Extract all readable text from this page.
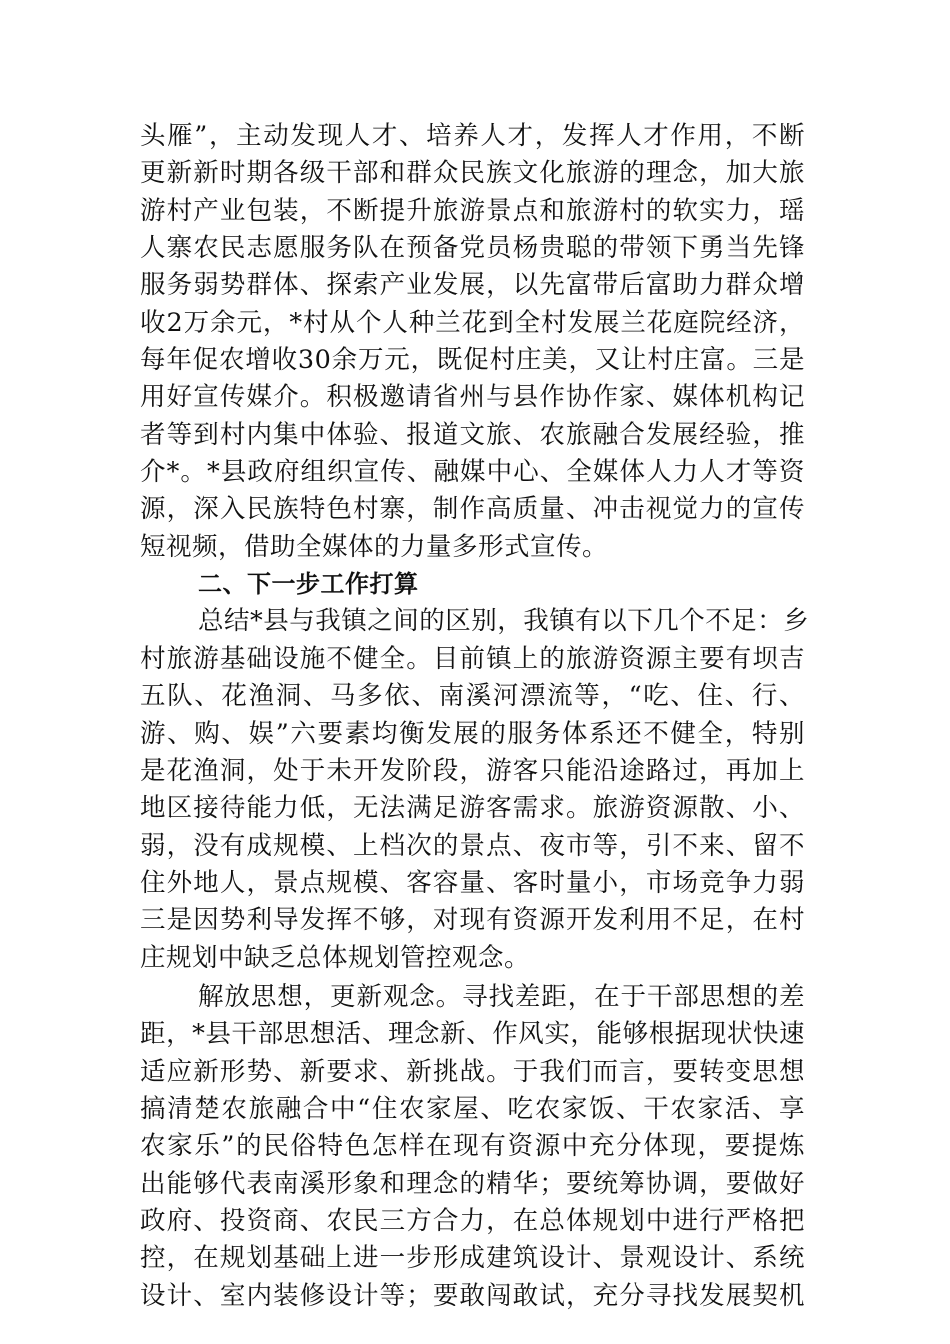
头雁”，主动发现人才、培养人才，发挥人才作用，不断
更新新时期各级干部和群众民族文化旅游的理念，加大旅
游村产业包装，不断提升旅游景点和旅游村的软实力，瑶
人寨农民志愿服务队在预备党员杨贵聪的带领下勇当先锋
服务弱势群体、探索产业发展，以先富带后富助力群众增
收2万余元，*村从个人种兰花到全村发展兰花庭院经济，
每年促农增收30余万元，既促村庄美，又让村庄富。三是
用好宣传媒介。积极邀请省州与县作协作家、媒体机构记
者等到村内集中体验、报道文旅、农旅融合发展经验，推
介*。*县政府组织宣传、融媒中心、全媒体人力人才等资
源，深入民族特色村寨，制作高质量、冲击视觉力的宣传
短视频，借助全媒体的力量多形式宣传。
二、下一步工作打算
总结*县与我镇之间的区别，我镇有以下几个不足：乡
村旅游基础设施不健全。目前镇上的旅游资源主要有坝吉
五队、花渔洞、马多依、南溪河漂流等，“吃、住、行、
游、购、娱”六要素均衡发展的服务体系还不健全，特别
是花渔洞，处于未开发阶段，游客只能沿途路过，再加上
地区接待能力低，无法满足游客需求。旅游资源散、小、
弱，没有成规模、上档次的景点、夜市等，引不来、留不
住外地人，景点规模、客容量、客时量小，市场竞争力弱
三是因势利导发挥不够，对现有资源开发利用不足，在村
庄规划中缺乏总体规划管控观念。
解放思想，更新观念。寻找差距，在于干部思想的差
距，*县干部思想活、理念新、作风实，能够根据现状快速
适应新形势、新要求、新挑战。于我们而言，要转变思想
搞清楚农旅融合中“住农家屋、吃农家饭、干农家活、享
农家乐”的民俗特色怎样在现有资源中充分体现，要提炼
出能够代表南溪形象和理念的精华；要统筹协调，要做好
政府、投资商、农民三方合力，在总体规划中进行严格把
控，在规划基础上进一步形成建筑设计、景观设计、系统
设计、室内装修设计等；要敢闯敢试，充分寻找发展契机
